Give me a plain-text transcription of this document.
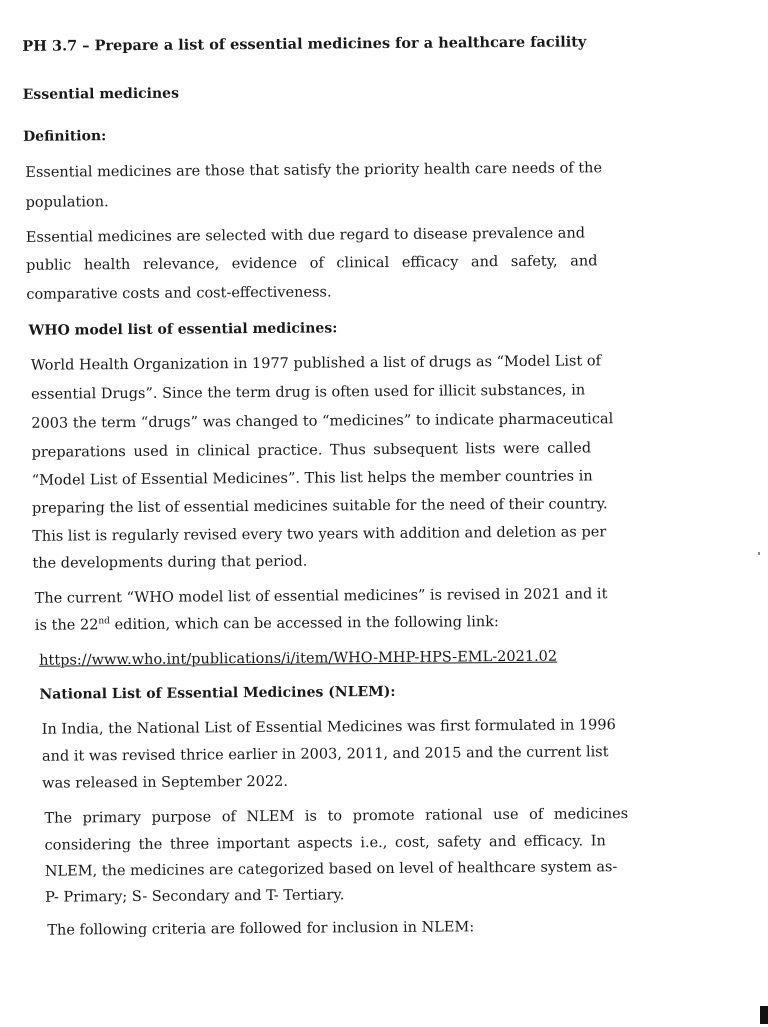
PH 3.7 – Prepare a list of essential medicines for a healthcare facility
Essential medicines
Definition:
Essential medicines are those that satisfy the priority health care needs of the
population.
Essential medicines are selected with due regard to disease prevalence and
public health relevance, evidence of clinical efficacy and safety, and
comparative costs and cost-effectiveness.
WHO model list of essential medicines:
World Health Organization in 1977 published a list of drugs as “Model List of
essential Drugs”. Since the term drug is often used for illicit substances, in
2003 the term “drugs” was changed to “medicines” to indicate pharmaceutical
preparations used in clinical practice. Thus subsequent lists were called
“Model List of Essential Medicines”. This list helps the member countries in
preparing the list of essential medicines suitable for the need of their country.
This list is regularly revised every two years with addition and deletion as per
the developments during that period.
The current “WHO model list of essential medicines” is revised in 2021 and it
is the 22nd edition, which can be accessed in the following link:
https://www.who.int/publications/i/item/WHO-MHP-HPS-EML-2021.02
National List of Essential Medicines (NLEM):
In India, the National List of Essential Medicines was first formulated in 1996
and it was revised thrice earlier in 2003, 2011, and 2015 and the current list
was released in September 2022.
The primary purpose of NLEM is to promote rational use of medicines
considering the three important aspects i.e., cost, safety and efficacy. In
NLEM, the medicines are categorized based on level of healthcare system as-
P- Primary; S- Secondary and T- Tertiary.
The following criteria are followed for inclusion in NLEM:
